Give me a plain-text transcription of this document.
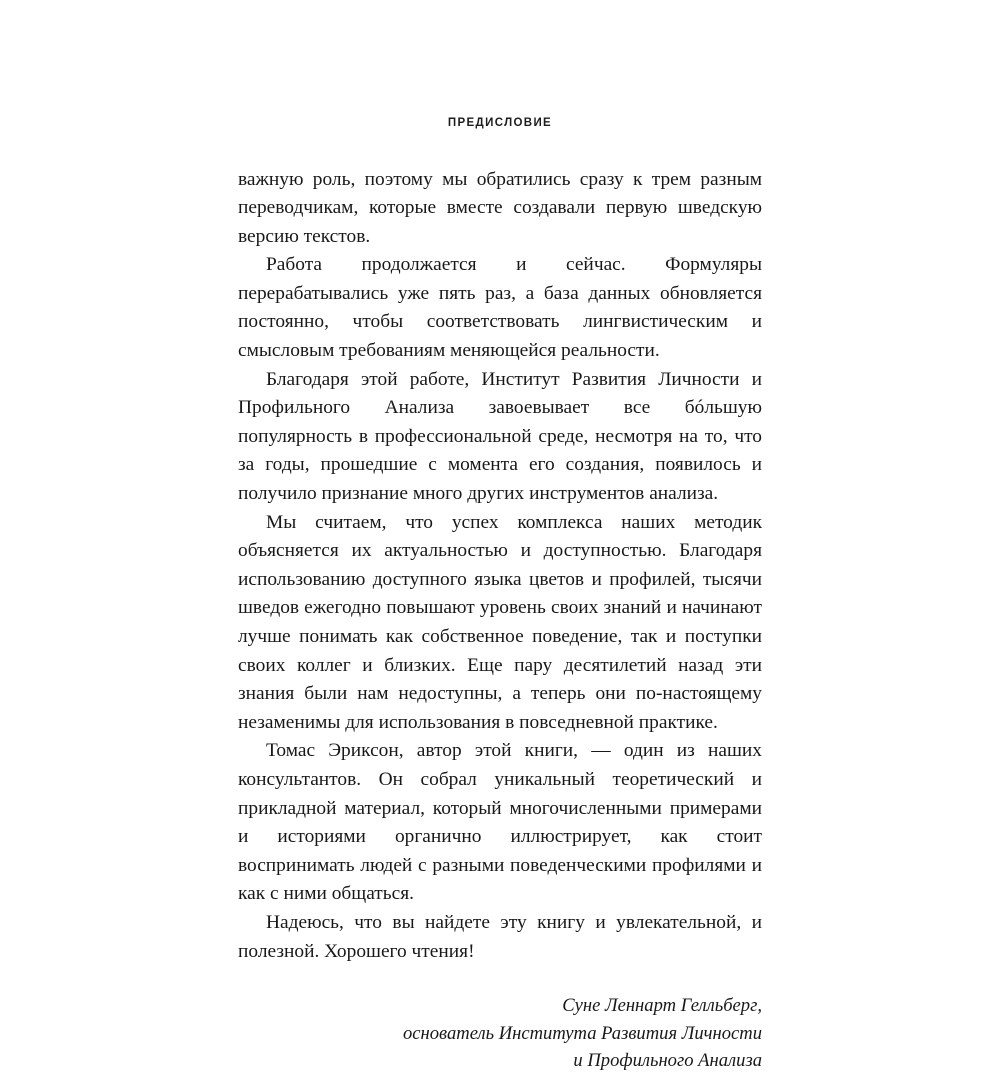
ПРЕДИСЛОВИЕ

важную роль, поэтому мы обратились сразу к трем разным переводчикам, которые вместе создавали первую шведскую версию текстов.

Работа продолжается и сейчас. Формуляры перерабатывались уже пять раз, а база данных обновляется постоянно, чтобы соответствовать лингвистическим и смысловым требованиям меняющейся реальности.

Благодаря этой работе, Институт Развития Личности и Профильного Анализа завоевывает все бóльшую популярность в профессиональной среде, несмотря на то, что за годы, прошедшие с момента его создания, появилось и получило признание много других инструментов анализа.

Мы считаем, что успех комплекса наших методик объясняется их актуальностью и доступностью. Благодаря использованию доступного языка цветов и профилей, тысячи шведов ежегодно повышают уровень своих знаний и начинают лучше понимать как собственное поведение, так и поступки своих коллег и близких. Еще пару десятилетий назад эти знания были нам недоступны, а теперь они по-настоящему незаменимы для использования в повседневной практике.

Томас Эриксон, автор этой книги, — один из наших консультантов. Он собрал уникальный теоретический и прикладной материал, который многочисленными примерами и историями органично иллюстрирует, как стоит воспринимать людей с разными поведенческими профилями и как с ними общаться.

Надеюсь, что вы найдете эту книгу и увлекательной, и полезной. Хорошего чтения!

Суне Леннарт Гелльберг,
основатель Института Развития Личности
и Профильного Анализа
